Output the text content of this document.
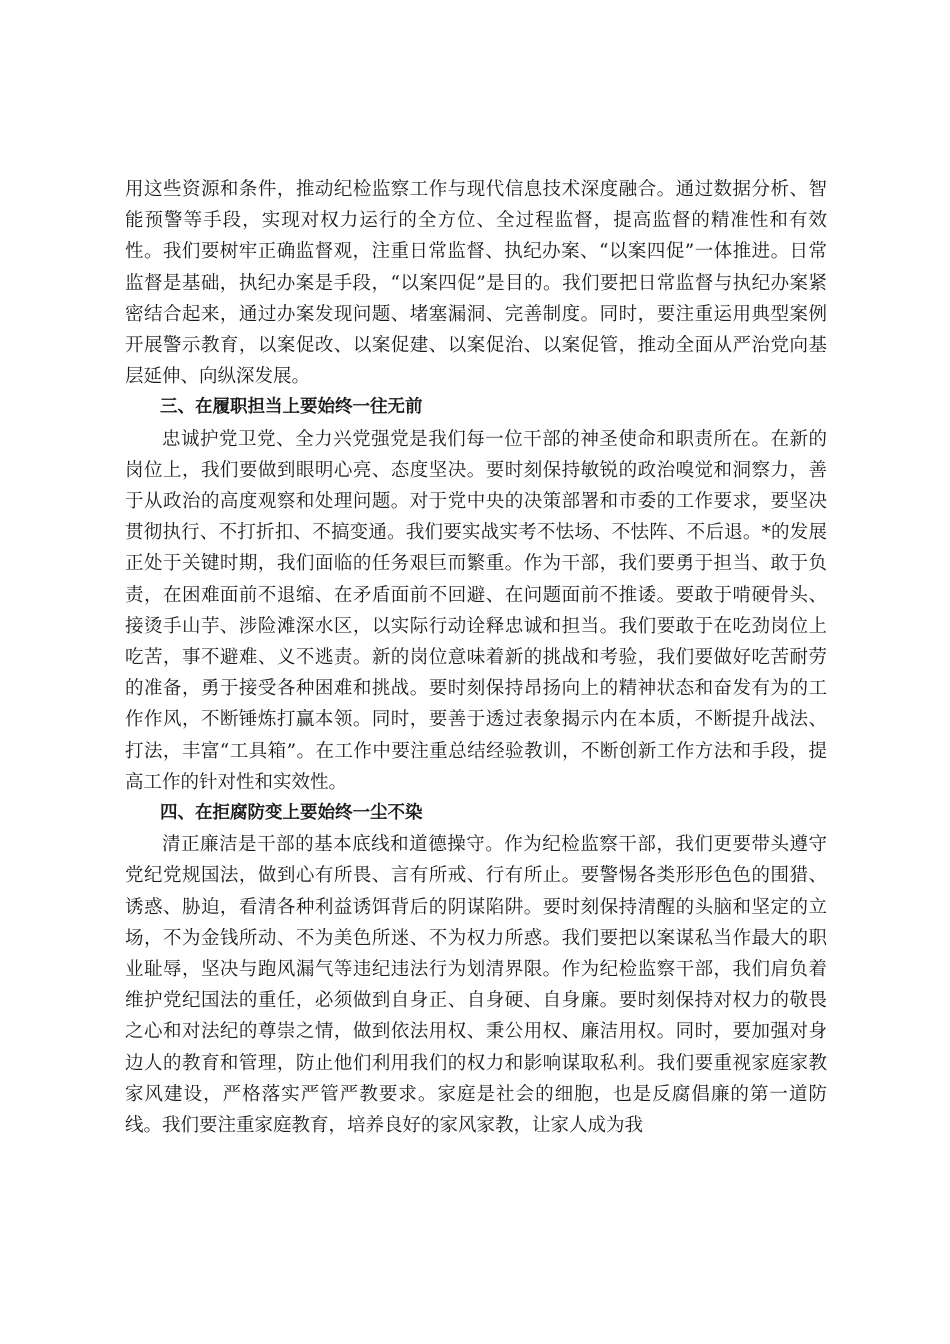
用这些资源和条件，推动纪检监察工作与现代信息技术深度融合。通过数据分析、智能预警等手段，实现对权力运行的全方位、全过程监督，提高监督的精准性和有效性。我们要树牢正确监督观，注重日常监督、执纪办案、“以案四促”一体推进。日常监督是基础，执纪办案是手段，“以案四促”是目的。我们要把日常监督与执纪办案紧密结合起来，通过办案发现问题、堵塞漏洞、完善制度。同时，要注重运用典型案例开展警示教育，以案促改、以案促建、以案促治、以案促管，推动全面从严治党向基层延伸、向纵深发展。

三、在履职担当上要始终一往无前

忠诚护党卫党、全力兴党强党是我们每一位干部的神圣使命和职责所在。在新的岗位上，我们要做到眼明心亮、态度坚决。要时刻保持敏锐的政治嗅觉和洞察力，善于从政治的高度观察和处理问题。对于党中央的决策部署和市委的工作要求，要坚决贯彻执行、不打折扣、不搞变通。我们要实战实考不怯场、不怯阵、不后退。*的发展正处于关键时期，我们面临的任务艰巨而繁重。作为干部，我们要勇于担当、敢于负责，在困难面前不退缩、在矛盾面前不回避、在问题面前不推诿。要敢于啃硬骨头、接烫手山芋、涉险滩深水区，以实际行动诠释忠诚和担当。我们要敢于在吃劲岗位上吃苦，事不避难、义不逃责。新的岗位意味着新的挑战和考验，我们要做好吃苦耐劳的准备，勇于接受各种困难和挑战。要时刻保持昂扬向上的精神状态和奋发有为的工作作风，不断锤炼打赢本领。同时，要善于透过表象揭示内在本质，不断提升战法、打法，丰富“工具箱”。在工作中要注重总结经验教训，不断创新工作方法和手段，提高工作的针对性和实效性。

四、在拒腐防变上要始终一尘不染

清正廉洁是干部的基本底线和道德操守。作为纪检监察干部，我们更要带头遵守党纪党规国法，做到心有所畏、言有所戒、行有所止。要警惕各类形形色色的围猎、诱惑、胁迫，看清各种利益诱饵背后的阴谋陷阱。要时刻保持清醒的头脑和坚定的立场，不为金钱所动、不为美色所迷、不为权力所惑。我们要把以案谋私当作最大的职业耻辱，坚决与跑风漏气等违纪违法行为划清界限。作为纪检监察干部，我们肩负着维护党纪国法的重任，必须做到自身正、自身硬、自身廉。要时刻保持对权力的敬畏之心和对法纪的尊崇之情，做到依法用权、秉公用权、廉洁用权。同时，要加强对身边人的教育和管理，防止他们利用我们的权力和影响谋取私利。我们要重视家庭家教家风建设，严格落实严管严教要求。家庭是社会的细胞，也是反腐倡廉的第一道防线。我们要注重家庭教育，培养良好的家风家教，让家人成为我
